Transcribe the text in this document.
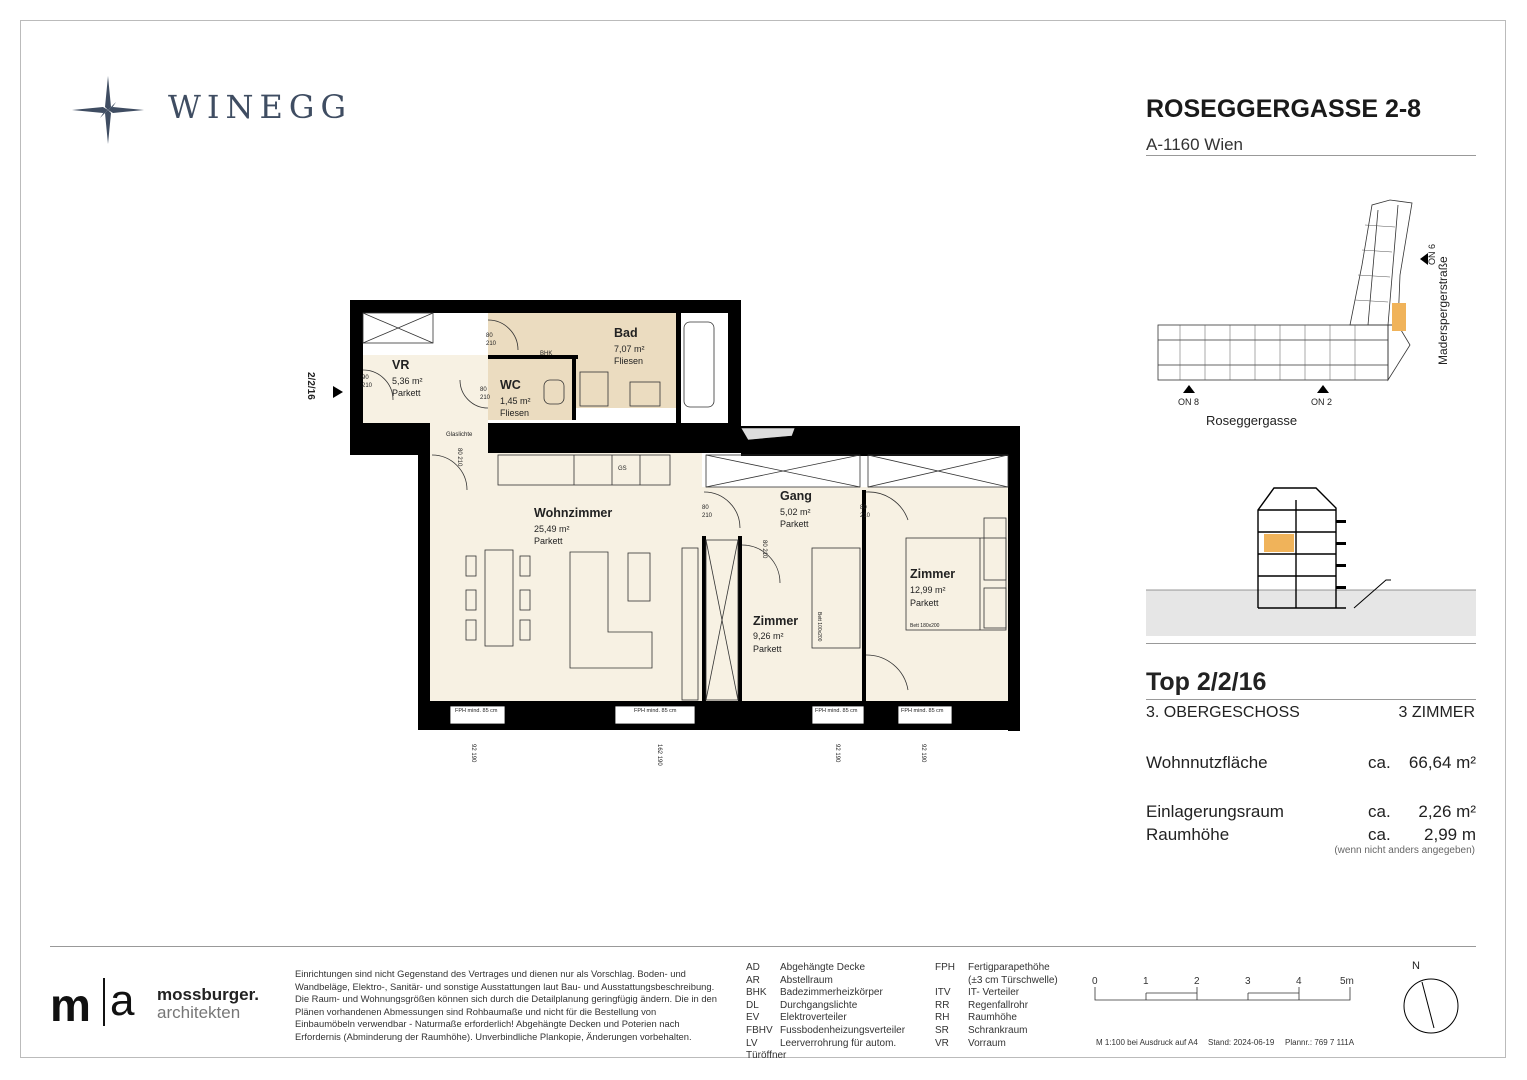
WINEGG	ROSEGGERGASSE 2-8
A-1160 Wien
ON 8	ON 2
ON 6
Roseggergasse
Maderspergerstraße
Top 2/2/16
3. OBERGESCHOSS	3 ZIMMER
Wohnnutzfläche	ca.	66,64 m²
Einlagerungsraum	ca.	2,26 m²
Raumhöhe	ca.	2,99 m
(wenn nicht anders angegeben)
2/2/16
VR
5,36 m²
Parkett
WC
1,45 m²
Fliesen
Bad
7,07 m²
Fliesen
Wohnzimmer
25,49 m²
Parkett
Gang
5,02 m²
Parkett
Zimmer
9,26 m²
Parkett
Zimmer
12,99 m²
Parkett
BHK
Glaslichte
GS
Bett 180x200
Bett 100x200
80
210
90
210
80
210
80
210
80
210
80 210
80 210
FPH mind. 85 cm	FPH mind. 85 cm	FPH mind. 85 cm	FPH mind. 85 cm
92 190
162 190
92 190
92 190
m a mossburger.
architekten
Einrichtungen sind nicht Gegenstand des Vertrages und dienen nur als Vorschlag. Boden- und Wandbeläge, Elektro-, Sanitär- und sonstige Ausstattungen laut Bau- und Ausstattungsbeschreibung. Die Raum- und Wohnungsgrößen können sich durch die Detailplanung geringfügig ändern. Die in den Plänen vorhandenen Abmessungen sind Rohbaumaße und nicht für die Bestellung von Einbaumöbeln verwendbar - Naturmaße erforderlich! Abgehängte Decken und Poterien nach Erfordernis (Abminderung der Raumhöhe). Unverbindliche Plankopie, Änderungen vorbehalten.
AD Abgehängte Decke
AR Abstellraum
BHK Badezimmerheizkörper
DL Durchgangslichte
EV Elektroverteiler
FBHV Fussbodenheizungsverteiler
LV Leerverrohrung für autom. Türöffner
FPH Fertigparapethöhe
(±3 cm Türschwelle)
ITV IT- Verteiler
RR Regenfallrohr
RH Raumhöhe
SR Schrankraum
VR Vorraum
0	1	2	3	4	5m
M 1:100 bei Ausdruck auf A4 Stand: 2024-06-19 Plannr.: 769 7 111A
N
